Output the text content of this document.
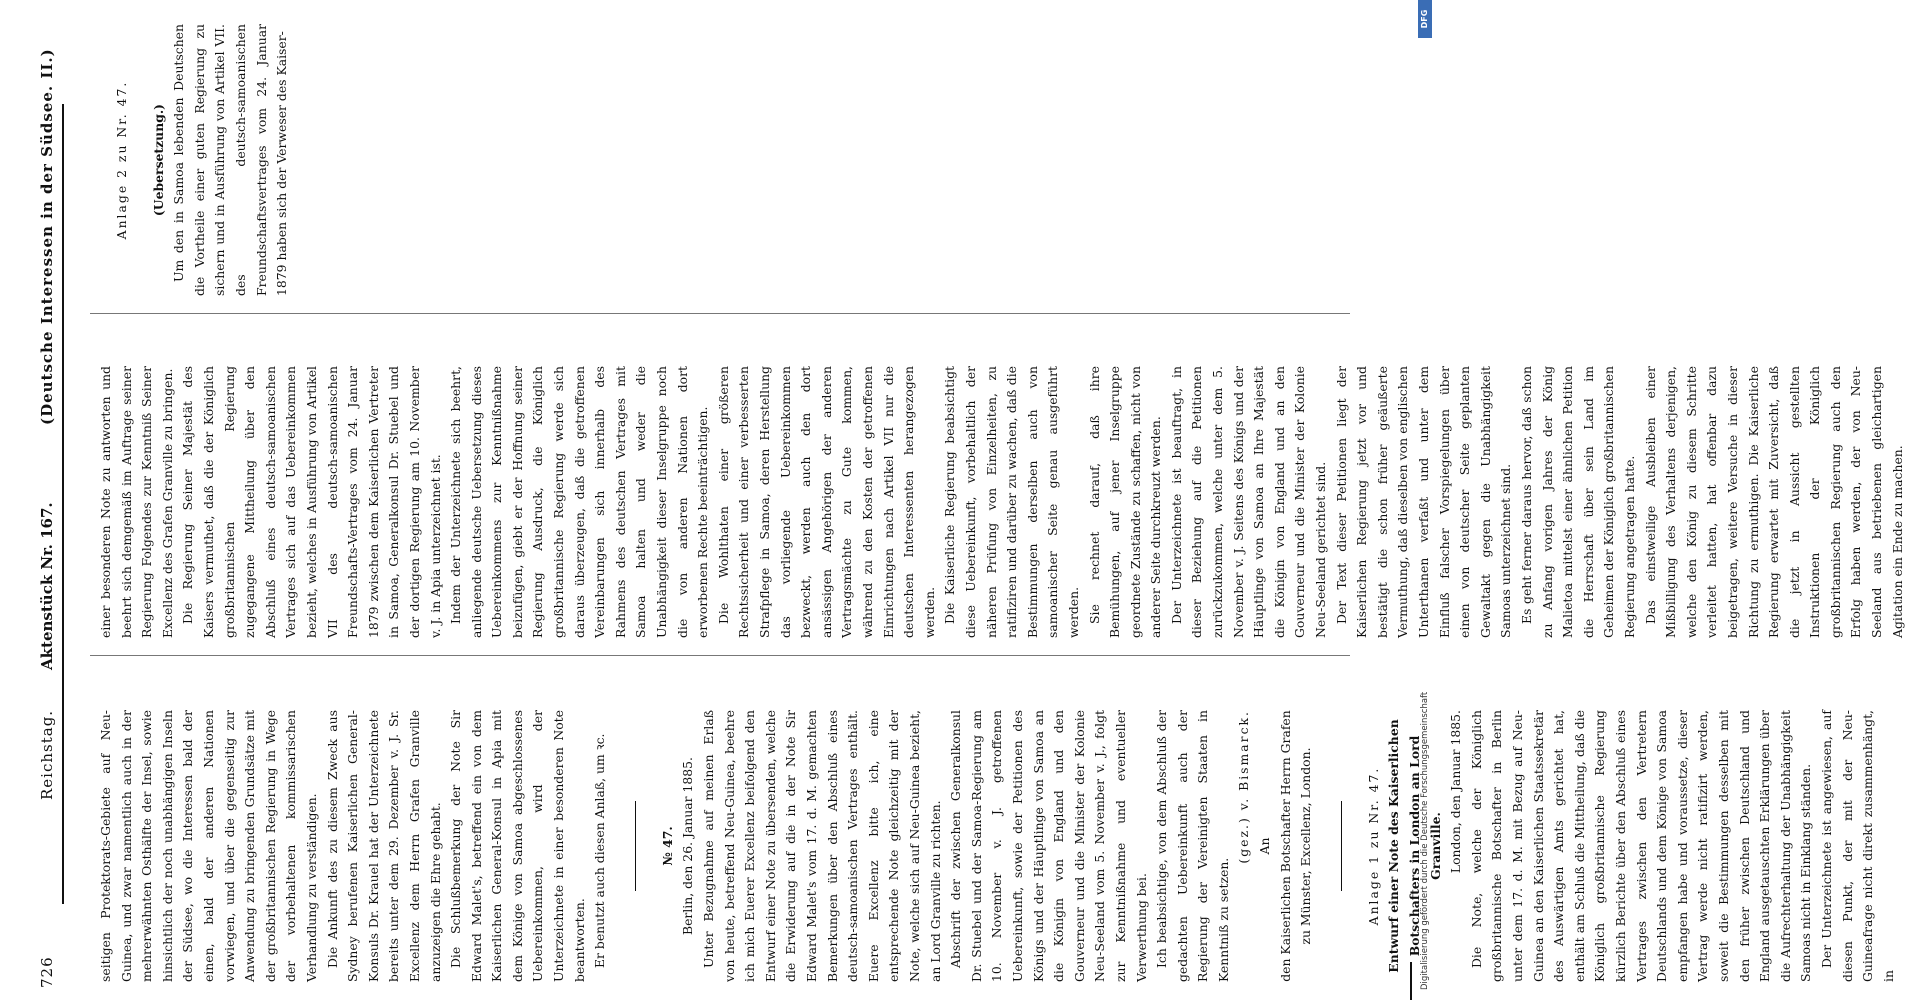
726
Reichstag.
Aktenstück Nr. 167.
(Deutsche Interessen in der Südsee. II.)

seitigen Protektorats-Gebiete auf Neu-Guinea, und zwar namentlich auch in der mehrerwähnten Osthälfte der Insel, sowie hinsichtlich der noch unabhängigen Inseln der Südsee, wo die Interessen bald der einen, bald der anderen Nationen vorwiegen, und über die gegenseitig zur Anwendung zu bringenden Grundsätze mit der großbritannischen Regierung in Wege der vorbehaltenen kommissarischen Verhandlung zu verständigen. Die Ankunft des zu diesem Zweck aus Sydney berufenen Kaiserlichen General-Konsuls Dr. Krauel hat der Unterzeichnete bereits unter dem 29. Dezember v. J. Sr. Excellenz dem Herrn Grafen Granville anzuzeigen die Ehre gehabt. Die Schlußbemerkung der Note Sir Edward Malet's, betreffend ein von dem Kaiserlichen General-Konsul in Apia mit dem Könige von Samoa abgeschlossenes Uebereinkommen, wird der Unterzeichnete in einer besonderen Note beantworten. Er benutzt auch diesen Anlaß, um ꝛc.	№ 47. Berlin, den 26. Januar 1885. Unter Bezugnahme auf meinen Erlaß von heute, betreffend Neu-Guinea, beehre ich mich Euerer Excellenz beifolgend den Entwurf einer Note zu übersenden, welche die Erwiderung auf die in der Note Sir Edward Malet's vom 17. d. M. gemachten Bemerkungen über den Abschluß eines deutsch-samoanischen Vertrages enthält. Euere Excellenz bitte ich, eine entsprechende Note gleichzeitig mit der Note, welche sich auf Neu-Guinea bezieht, an Lord Granville zu richten. Abschrift der zwischen Generalkonsul Dr. Stuebel und der Samoa-Regierung am 10. November v. J. getroffenen Uebereinkunft, sowie der Petitionen des Königs und der Häuptlinge von Samoa an die Königin von England und den Gouverneur und die Minister der Kolonie Neu-Seeland vom 5. November v. J., folgt zur Kenntnißnahme und eventueller Verwerthung bei. Ich beabsichtige, von dem Abschluß der gedachten Uebereinkunft auch der Regierung der Vereinigten Staaten in Kenntniß zu setzen.

(gez.) v. Bismarck. An den Kaiserlichen Botschafter Herrn Grafen zu Münster, Excellenz, London.	Anlage 1 zu Nr. 47. Entwurf einer Note des Kaiserlichen Botschafters in London an Lord Granville. London, den Januar 1885. Die Note, welche der Königlich großbritannische Botschafter in Berlin unter dem 17. d. M. mit Bezug auf Neu-Guinea an den Kaiserlichen Staatssekretär des Auswärtigen Amts gerichtet hat, enthält am Schluß die Mittheilung, daß die Königlich großbritannische Regierung kürzlich Berichte über den Abschluß eines Vertrages zwischen den Vertretern Deutschlands und dem Könige von Samoa empfangen habe und voraussetze, dieser Vertrag werde nicht ratifizirt werden, soweit die Bestimmungen desselben mit den früher zwischen Deutschland und England ausgetauschten Erklärungen über die Aufrechterhaltung der Unabhängigkeit Samoas nicht in Einklang ständen. Der Unterzeichnete ist angewiesen, auf diesen Punkt, der mit der Neu-Guineafrage nicht direkt zusammenhängt, in

einer besonderen Note zu antworten und beehrt sich demgemäß im Auftrage seiner Regierung Folgendes zur Kenntniß Seiner Excellenz des Grafen Granville zu bringen. Die Regierung Seiner Majestät des Kaisers vermuthet, daß die der Königlich großbritannischen Regierung zugegangene Mittheilung über den Abschluß eines deutsch-samoanischen Vertrages sich auf das Uebereinkommen bezieht, welches in Ausführung von Artikel VII des deutsch-samoanischen Freundschafts-Vertrages vom 24. Januar 1879 zwischen dem Kaiserlichen Vertreter in Samoa, Generalkonsul Dr. Stuebel und der dortigen Regierung am 10. November v. J. in Apia unterzeichnet ist. Indem der Unterzeichnete sich beehrt, anliegende deutsche Uebersetzung dieses Uebereinkommens zur Kenntnißnahme beizufügen, giebt er der Hoffnung seiner Regierung Ausdruck, die Königlich großbritannische Regierung werde sich daraus überzeugen, daß die getroffenen Vereinbarungen sich innerhalb des Rahmens des deutschen Vertrages mit Samoa halten und weder die Unabhängigkeit dieser Inselgruppe noch die von anderen Nationen dort erworbenen Rechte beeinträchtigen. Die Wohlthaten einer größeren Rechtssicherheit und einer verbesserten Strafpflege in Samoa, deren Herstellung das vorliegende Uebereinkommen bezweckt, werden auch den dort ansässigen Angehörigen der anderen Vertragsmächte zu Gute kommen, während zu den Kosten der getroffenen Einrichtungen nach Artikel VII nur die deutschen Interessenten herangezogen werden. Die Kaiserliche Regierung beabsichtigt diese Uebereinkunft, vorbehaltlich der näheren Prüfung von Einzelheiten, zu ratifiziren und darüber zu wachen, daß die Bestimmungen derselben auch von samoanischer Seite genau ausgeführt werden. Sie rechnet darauf, daß ihre Bemühungen, auf jener Inselgruppe geordnete Zustände zu schaffen, nicht von anderer Seite durchkreuzt werden. Der Unterzeichnete ist beauftragt, in dieser Beziehung auf die Petitionen zurückzukommen, welche unter dem 5. November v. J. Seitens des Königs und der Häuptlinge von Samoa an Ihre Majestät die Königin von England und an den Gouverneur und die Minister der Kolonie Neu-Seeland gerichtet sind. Der Text dieser Petitionen liegt der Kaiserlichen Regierung jetzt vor und bestätigt die schon früher geäußerte Vermuthung, daß dieselben von englischen Unterthanen verfaßt und unter dem Einfluß falscher Vorspiegelungen über einen von deutscher Seite geplanten Gewaltakt gegen die Unabhängigkeit Samoas unterzeichnet sind. Es geht ferner daraus hervor, daß schon zu Anfang vorigen Jahres der König Malietoa mittelst einer ähnlichen Petition die Herrschaft über sein Land im Geheimen der Königlich großbritannischen Regierung angetragen hatte. Das einstweilige Ausbleiben einer Mißbilligung des Verhaltens derjenigen, welche den König zu diesem Schritte verleitet hatten, hat offenbar dazu beigetragen, weitere Versuche in dieser Richtung zu ermuthigen. Die Kaiserliche Regierung erwartet mit Zuversicht, daß die jetzt in Aussicht gestellten Instruktionen der Königlich großbritannischen Regierung auch den Erfolg haben werden, der von Neu-Seeland aus betriebenen gleichartigen Agitation ein Ende zu machen.

Anlage 2 zu Nr. 47. (Uebersetzung.) Um den in Samoa lebenden Deutschen die Vortheile einer guten Regierung zu sichern und in Ausführung von Artikel VII. des deutsch-samoanischen Freundschaftsvertrages vom 24. Januar 1879 haben sich der Verweser des Kaiser-

Digitalisierung gefördert durch die Deutsche Forschungsgemeinschaft
DFG
